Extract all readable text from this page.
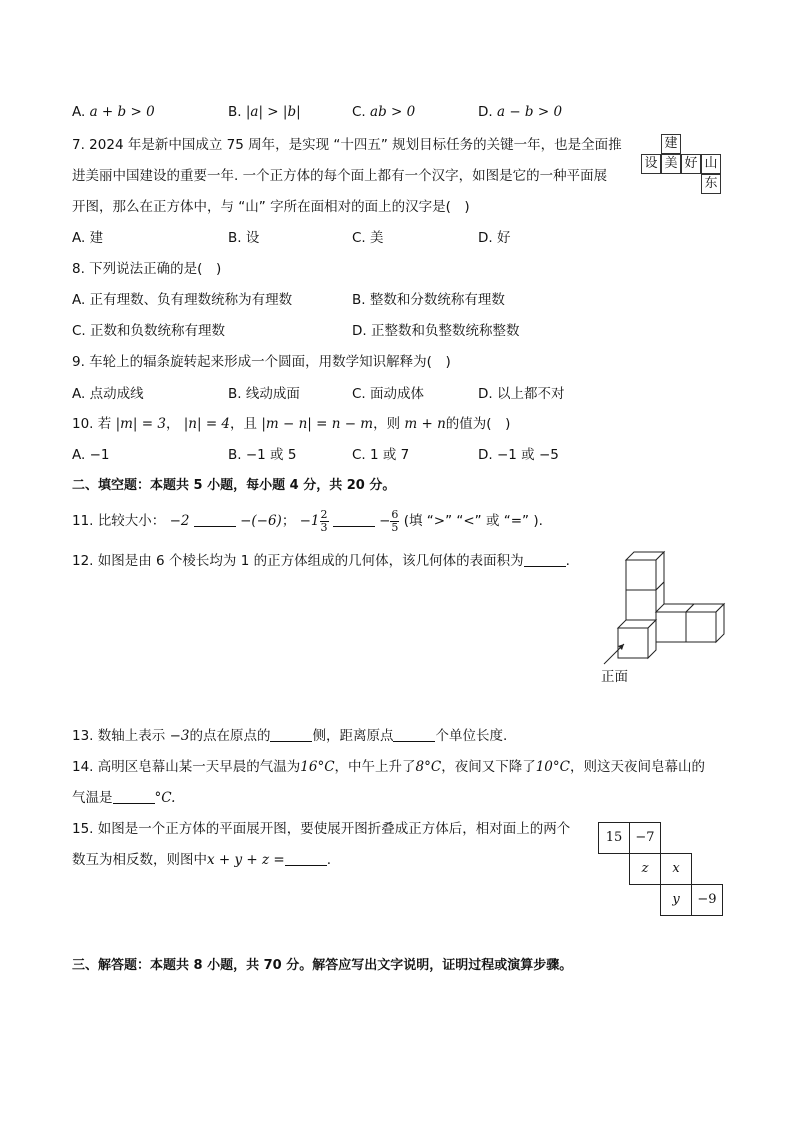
A. a + b > 0	B. |a| > |b|	C. ab > 0	D. a − b > 0
7. 2024 年是新中国成立 75 周年，是实现 “十四五” 规划目标任务的关键一年，也是全面推
进美丽中国建设的重要一年. 一个正方体的每个面上都有一个汉字，如图是它的一种平面展
开图，那么在正方体中，与 “山” 字所在面相对的面上的汉字是(　)
建
设 美 好 山
东
A. 建	B. 设	C. 美	D. 好
8. 下列说法正确的是(　)
A. 正有理数、负有理数统称为有理数	B. 整数和分数统称有理数
C. 正数和负数统称有理数	D. 正整数和负整数统称整数
9. 车轮上的辐条旋转起来形成一个圆面，用数学知识解释为(　)
A. 点动成线	B. 线动成面	C. 面动成体	D. 以上都不对
10. 若 |m| = 3， |n| = 4，且 |m − n| = n − m，则 m + n的值为(　)
A. −1	B. −1 或 5	C. 1 或 7	D. −1 或 −5
二、填空题：本题共 5 小题，每小题 4 分，共 20 分。
11. 比较大小： −2	−(−6)； $-1 \frac{2}{3}$	− $\frac{6}{5}$ (填 “>” “<” 或 “=” ).
12. 如图是由 6 个棱长均为 1 的正方体组成的几何体，该几何体的表面积为	.
正面
13. 数轴上表示 −3的点在原点的	侧，距离原点	个单位长度.
14. 高明区皂幕山某一天早晨的气温为16°C，中午上升了8°C，夜间又下降了10°C，则这天夜间皂幕山的
气温是	°C.
15. 如图是一个正方体的平面展开图，要使展开图折叠成正方体后，相对面上的两个
数互为相反数，则图中x + y + z =	.
15	−7
z	x
y	−9
三、解答题：本题共 8 小题，共 70 分。解答应写出文字说明，证明过程或演算步骤。
